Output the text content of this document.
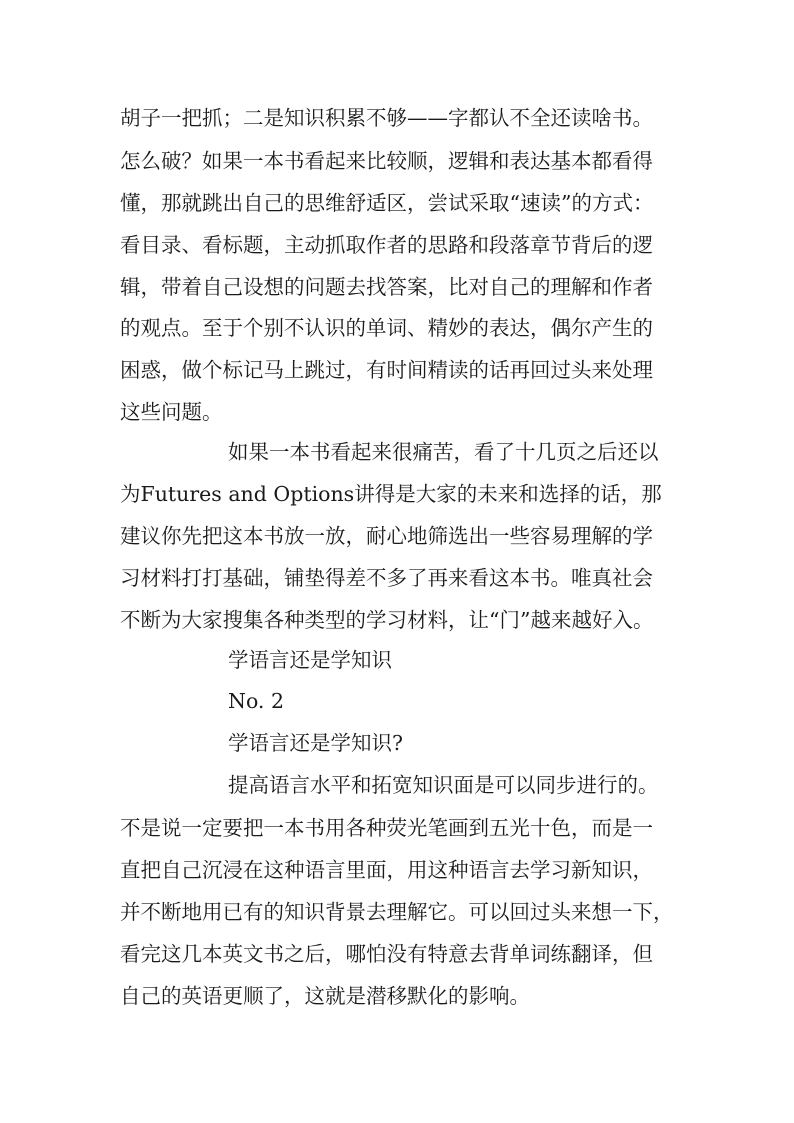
胡子一把抓；二是知识积累不够——字都认不全还读啥书。
怎么破？如果一本书看起来比较顺，逻辑和表达基本都看得
懂，那就跳出自己的思维舒适区，尝试采取“速读”的方式：
看目录、看标题，主动抓取作者的思路和段落章节背后的逻
辑，带着自己设想的问题去找答案，比对自己的理解和作者
的观点。至于个别不认识的单词、精妙的表达，偶尔产生的
困惑，做个标记马上跳过，有时间精读的话再回过头来处理
这些问题。
如果一本书看起来很痛苦，看了十几页之后还以
为Futures and Options讲得是大家的未来和选择的话，那
建议你先把这本书放一放，耐心地筛选出一些容易理解的学
习材料打打基础，铺垫得差不多了再来看这本书。唯真社会
不断为大家搜集各种类型的学习材料，让“门”越来越好入。
学语言还是学知识
No. 2
学语言还是学知识?
提高语言水平和拓宽知识面是可以同步进行的。
不是说一定要把一本书用各种荧光笔画到五光十色，而是一
直把自己沉浸在这种语言里面，用这种语言去学习新知识，
并不断地用已有的知识背景去理解它。可以回过头来想一下，
看完这几本英文书之后，哪怕没有特意去背单词练翻译，但
自己的英语更顺了，这就是潜移默化的影响。
